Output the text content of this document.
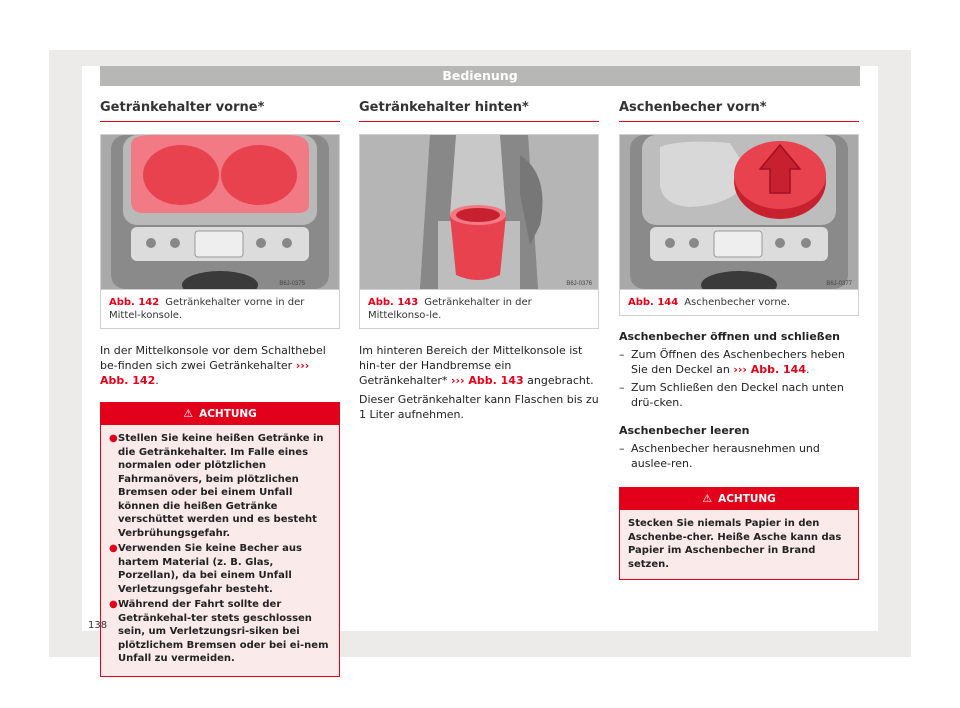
Bedienung
Getränkehalter vorne*
B6J-0375
Abb. 142 Getränkehalter vorne in der Mittel-konsole.

In der Mittelkonsole vor dem Schalthebel be-finden sich zwei Getränkehalter ››› Abb. 142.

⚠ ACHTUNG
● Stellen Sie keine heißen Getränke in die Getränkehalter. Im Falle eines normalen oder plötzlichen Fahrmanövers, beim plötzlichen Bremsen oder bei einem Unfall können die heißen Getränke verschüttet werden und es besteht Verbrühungsgefahr.
● Verwenden Sie keine Becher aus hartem Material (z. B. Glas, Porzellan), da bei einem Unfall Verletzungsgefahr besteht.
● Während der Fahrt sollte der Getränkehal-ter stets geschlossen sein, um Verletzungsri-siken bei plötzlichem Bremsen oder bei ei-nem Unfall zu vermeiden.
Getränkehalter hinten*
B6J-0376
Abb. 143 Getränkehalter in der Mittelkonso-le.

Im hinteren Bereich der Mittelkonsole ist hin-ter der Handbremse ein Getränkehalter* ››› Abb. 143 angebracht.

Dieser Getränkehalter kann Flaschen bis zu 1 Liter aufnehmen.

Aschenbecher vorn*
B6J-0377
Abb. 144 Aschenbecher vorne.
Aschenbecher öffnen und schließen
– Zum Öffnen des Aschenbechers heben Sie den Deckel an ››› Abb. 144.
– Zum Schließen den Deckel nach unten drü-cken.
Aschenbecher leeren
– Aschenbecher herausnehmen und auslee-ren.
⚠ ACHTUNG
Stecken Sie niemals Papier in den Aschenbe-cher. Heiße Asche kann das Papier im Aschenbecher in Brand setzen.
138
